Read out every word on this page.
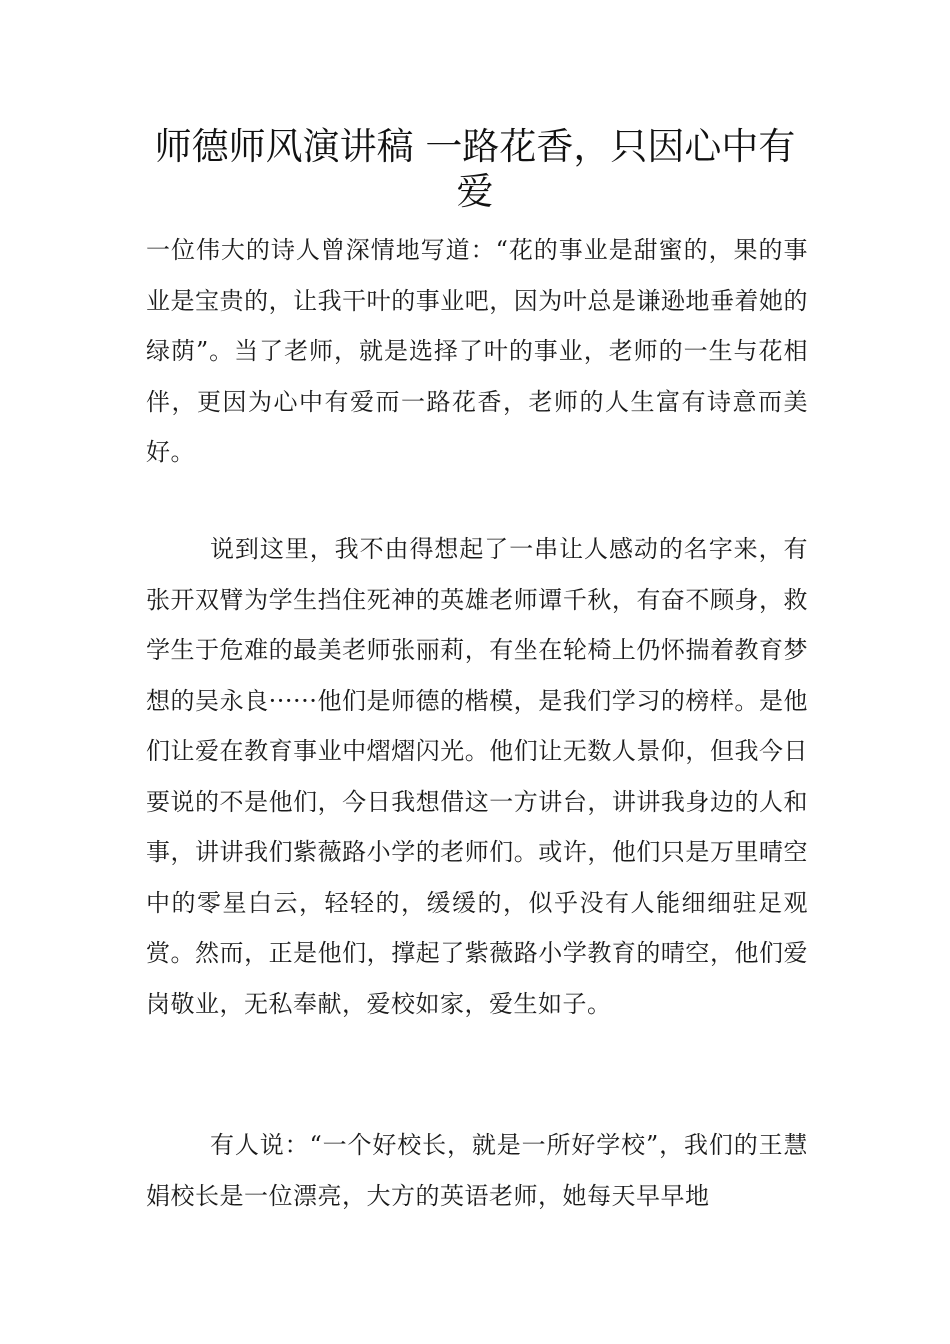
师德师风演讲稿 一路花香，只因心中有爱

一位伟大的诗人曾深情地写道：“花的事业是甜蜜的，果的事业是宝贵的，让我干叶的事业吧，因为叶总是谦逊地垂着她的绿荫”。当了老师，就是选择了叶的事业，老师的一生与花相伴，更因为心中有爱而一路花香，老师的人生富有诗意而美好。

说到这里，我不由得想起了一串让人感动的名字来，有张开双臂为学生挡住死神的英雄老师谭千秋，有奋不顾身，救学生于危难的最美老师张丽莉，有坐在轮椅上仍怀揣着教育梦想的吴永良······他们是师德的楷模，是我们学习的榜样。是他们让爱在教育事业中熠熠闪光。他们让无数人景仰，但我今日要说的不是他们，今日我想借这一方讲台，讲讲我身边的人和事，讲讲我们紫薇路小学的老师们。或许，他们只是万里晴空中的零星白云，轻轻的，缓缓的，似乎没有人能细细驻足观赏。然而，正是他们，撑起了紫薇路小学教育的晴空，他们爱岗敬业，无私奉献，爱校如家，爱生如子。

有人说：“一个好校长，就是一所好学校”，我们的王慧娟校长是一位漂亮，大方的英语老师，她每天早早地
